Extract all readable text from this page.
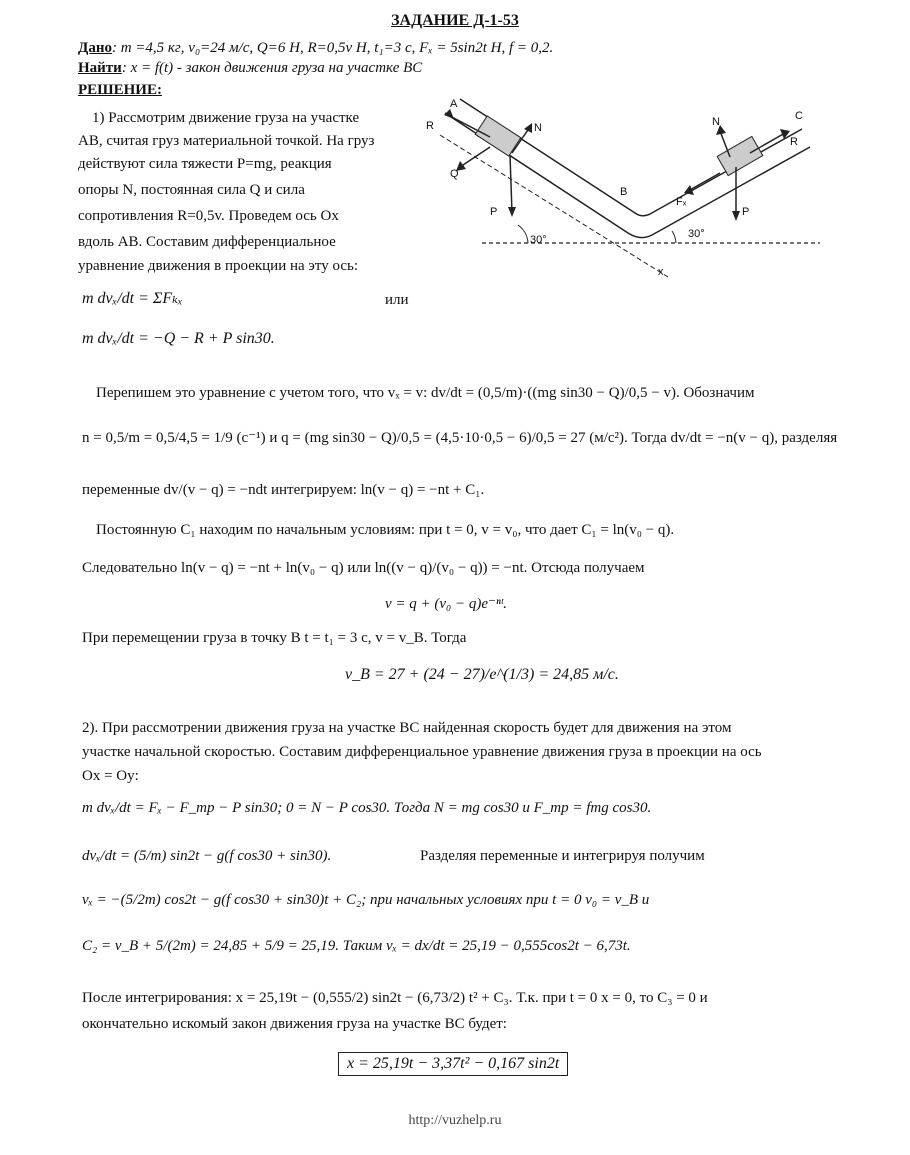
ЗАДАНИЕ Д-1-53
Дано: m =4,5 кг, v₀=24 м/с, Q=6 Н, R=0,5v Н, t₁=3 с, Fₓ = 5sin2t Н, f = 0,2.
Найти: x = f(t) - закон движения груза на участке BC
РЕШЕНИЕ:
1) Рассмотрим движение груза на участке
AB, считая груз материальной точкой. На груз
действуют сила тяжести P=mg, реакция
опоры N, постоянная сила Q и сила
сопротивления R=0,5v. Проведем ось Ox
вдоль AB. Составим дифференциальное
уравнение движения в проекции на эту ось:
m dvₓ/dt = ΣFₖₓ	или
m dvₓ/dt = −Q − R + P sin30.
A
B
C
R
Q
N
P
30°
x
N
P
Fₓ
R
30°
Перепишем это уравнение с учетом того, что vₓ = v: dv/dt = (0,5/m)·((mg sin30 − Q)/0,5 − v). Обозначим
n = 0,5/m = 0,5/4,5 = 1/9 (с⁻¹) и q = (mg sin30 − Q)/0,5 = (4,5·10·0,5 − 6)/0,5 = 27 (м/с²). Тогда dv/dt = −n(v − q), разделяя
переменные dv/(v − q) = −ndt интегрируем: ln(v − q) = −nt + C₁.
Постоянную C₁ находим по начальным условиям: при t = 0, v = v₀, что дает C₁ = ln(v₀ − q).
Следовательно ln(v − q) = −nt + ln(v₀ − q) или ln((v − q)/(v₀ − q)) = −nt. Отсюда получаем
v = q + (v₀ − q)e⁻ⁿᵗ.
При перемещении груза в точку B t = t₁ = 3 с, v = v_B. Тогда
v_B = 27 + (24 − 27)/e^(1/3) = 24,85 м/с.
2). При рассмотрении движения груза на участке BC найденная скорость будет для движения на этом
участке начальной скоростью. Составим дифференциальное уравнение движения груза в проекции на ось
Ox = Oy:
m dvₓ/dt = Fₓ − F_тр − P sin30; 0 = N − P cos30. Тогда N = mg cos30 и F_тр = fmg cos30.
dvₓ/dt = (5/m) sin2t − g(f cos30 + sin30).	Разделяя переменные и интегрируя получим
vₓ = −(5/2m) cos2t − g(f cos30 + sin30)t + C₂; при начальных условиях при t = 0 v₀ = v_B и
C₂ = v_B + 5/(2m) = 24,85 + 5/9 = 25,19. Таким vₓ = dx/dt = 25,19 − 0,555cos2t − 6,73t.
После интегрирования: x = 25,19t − (0,555/2) sin2t − (6,73/2) t² + C₃. Т.к. при t = 0 x = 0, то C₃ = 0 и
окончательно искомый закон движения груза на участке BC будет:
x = 25,19t − 3,37t² − 0,167 sin2t
http://vuzhelp.ru
